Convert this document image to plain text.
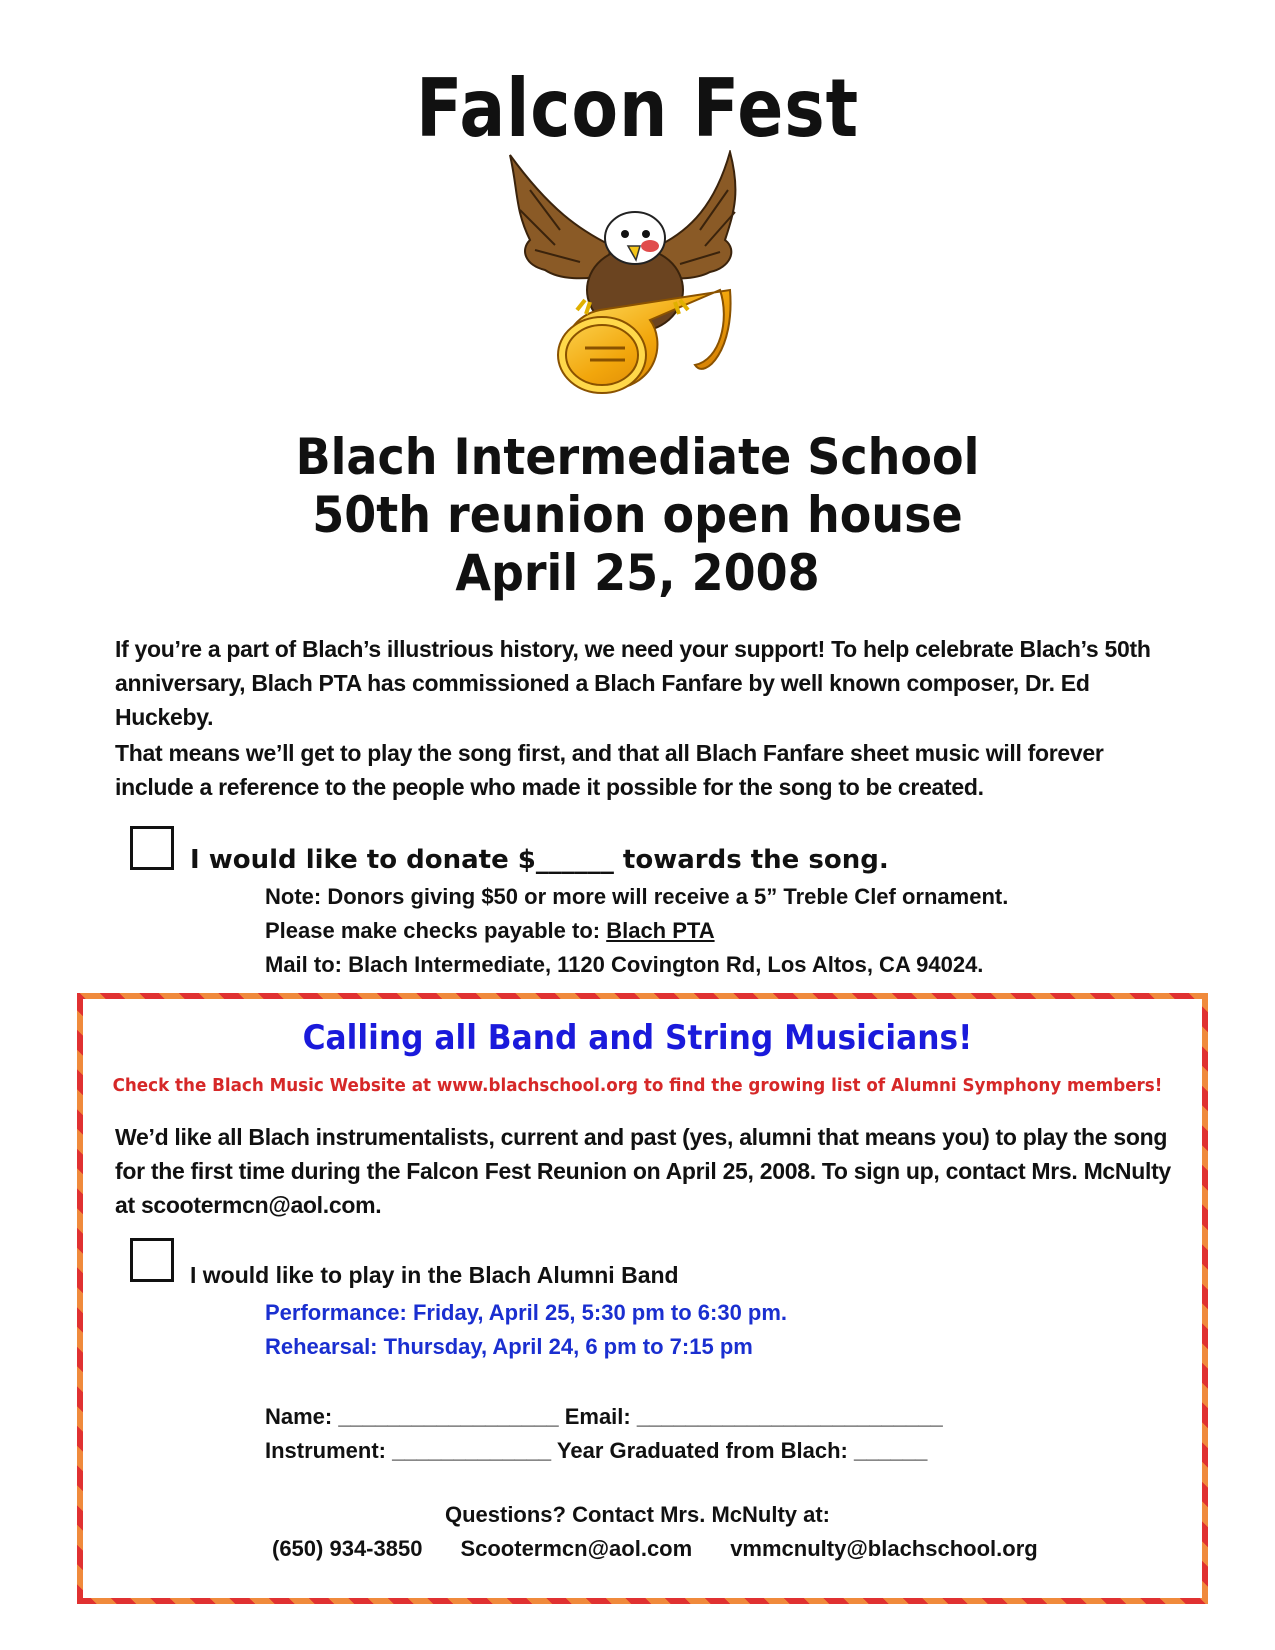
Falcon Fest
Blach Intermediate School
50th reunion open house
April 25, 2008

If you’re a part of Blach’s illustrious history, we need your support! To help celebrate Blach’s 50th anniversary, Blach PTA has commissioned a Blach Fanfare by well known composer, Dr. Ed Huckeby.

That means we’ll get to play the song first, and that all Blach Fanfare sheet music will forever include a reference to the people who made it possible for the song to be created.

I would like to donate $______ towards the song.
Note: Donors giving $50 or more will receive a 5” Treble Clef ornament.
Please make checks payable to: Blach PTA
Mail to: Blach Intermediate, 1120 Covington Rd, Los Altos, CA 94024.
Calling all Band and String Musicians!
Check the Blach Music Website at www.blachschool.org to find the growing list of Alumni Symphony members!

We’d like all Blach instrumentalists, current and past (yes, alumni that means you) to play the song for the first time during the Falcon Fest Reunion on April 25, 2008. To sign up, contact Mrs. McNulty at scootermcn@aol.com.

I would like to play in the Blach Alumni Band
Performance: Friday, April 25, 5:30 pm to 6:30 pm.
Rehearsal: Thursday, April 24, 6 pm to 7:15 pm
Name: __________________ Email: _________________________
Instrument: _____________ Year Graduated from Blach: ______
Questions? Contact Mrs. McNulty at:
(650) 934-3850 Scootermcn@aol.com vmmcnulty@blachschool.org
